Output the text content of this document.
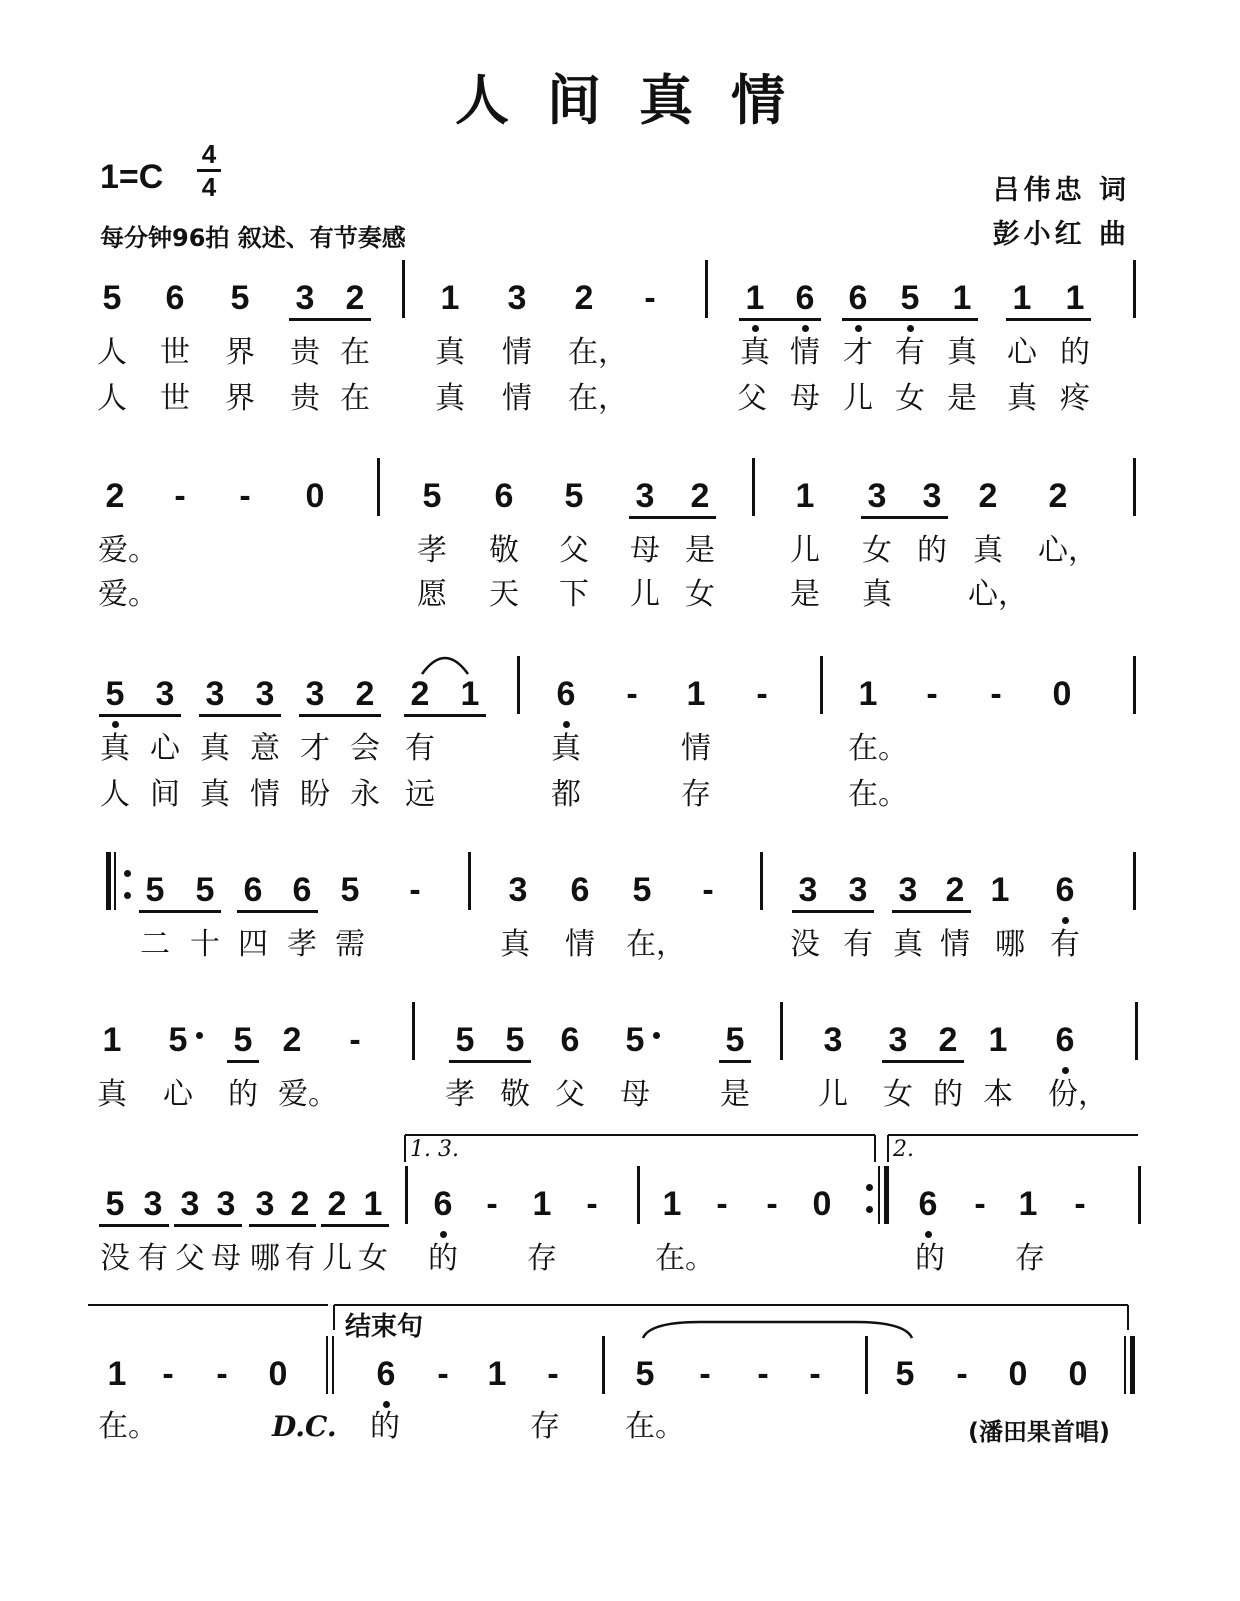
人间真情
1=C
4
4
每分钟96拍 叙述、有节奏感
吕伟忠 词
彭小红 曲
5 6 5 3 2 1 3 2 -	1 6 6 5 1 1 1
人 世 界 贵 在 真 情 在，	真 情 才 有 真 心 的
人 世 界 贵 在 真 情 在，	父 母 儿 女 是 真 疼
2 - - 0	5 6 5 3 2	1 3 3 2 2
爱。	孝 敬 父 母 是	儿 女 的 真 心，
爱。	愿 天 下 儿 女	是 真	心，
5 3 3 3 3 2 2 1 6 - 1 -	1 - - 0
真 心 真 意 才 会 有	真	情	在。
人 间 真 情 盼 永 远	都	存	在。
5 5 6 6 5 -	3 6 5 - 3 3 3 2 1 6
二 十 四 孝 需	真 情 在，	没 有 真 情 哪 有
1 5 5 2 -	5 5 6 5 5 3 3 2 1 6
真 心 的 爱。	孝 敬 父 母 是 儿 女 的 本 份，
5 3 3 3 3 2 2 1 6 - 1 - 1 - - 0	6 - 1 -
没 有 父 母 哪 有 儿 女 的 存	在。	的 存
1 - - 0	6 - 1 - 5 - - - 5 - 0 0
在。	的	存 在。
1. 3.	2.
结束句
D.C.	(潘田果首唱)
